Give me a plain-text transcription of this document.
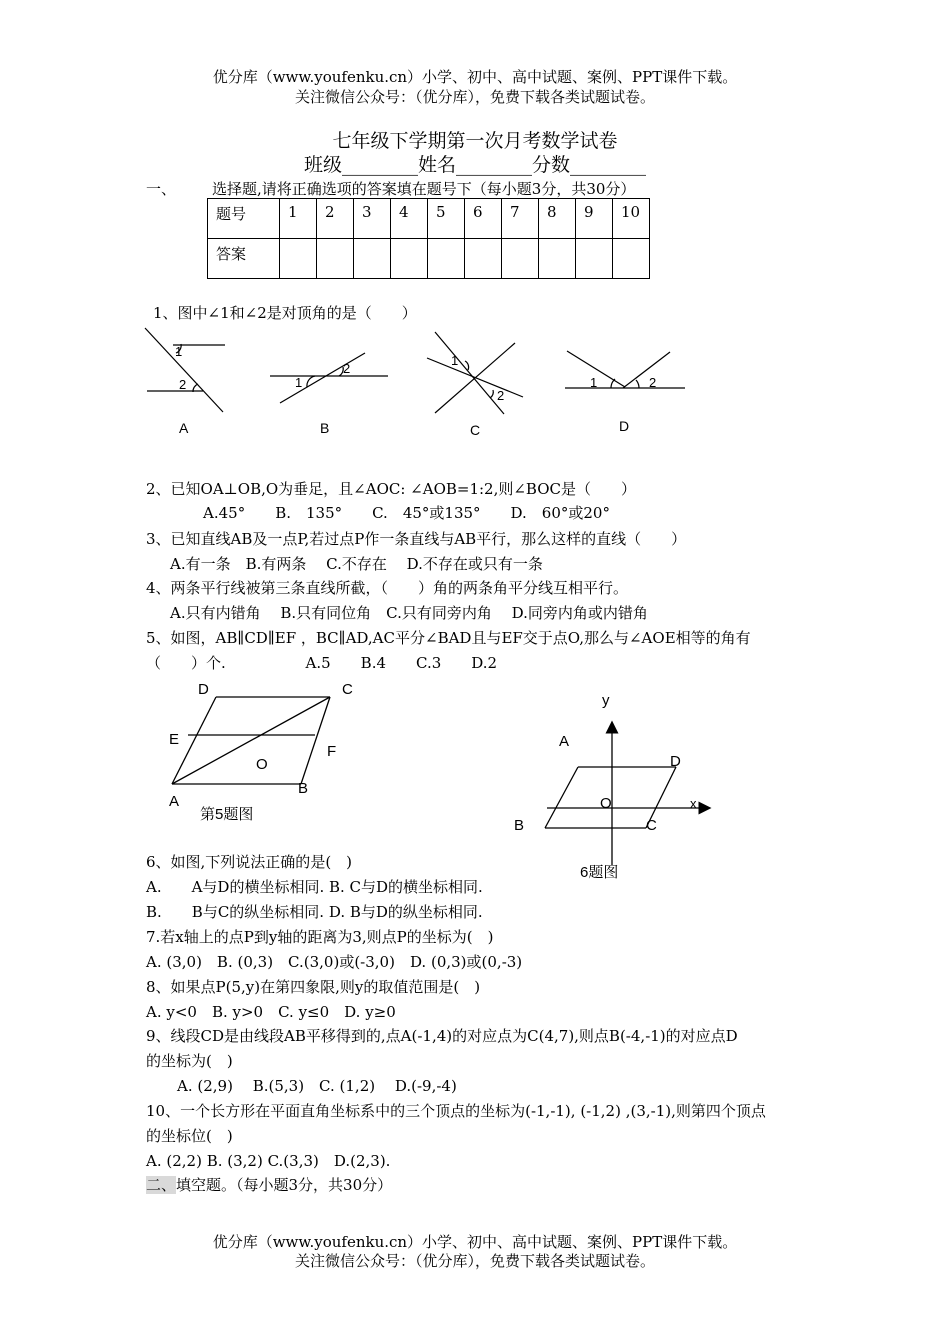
优分库（www.youfenku.cn）小学、初中、高中试题、案例、PPT课件下载。
关注微信公众号：（优分库），免费下载各类试题试卷。
七年级下学期第一次月考数学试卷
班级________姓名________分数________
一、 选择题,请将正确选项的答案填在题号下（每小题3分，共30分）
题号	1	2	3	4	5	6	7	8	9	10
答案										
1、图中∠1和∠2是对顶角的是（　　）
1
2
A
1
2
B
1
2
C
1	2
D
2、已知OA⊥OB,O为垂足，且∠AOC: ∠AOB=1:2,则∠BOC是（　　）
A.45°　　B.　135°　　C.　45°或135°　　D.　60°或20°
3、已知直线AB及一点P,若过点P作一条直线与AB平行，那么这样的直线（　　）
A.有一条　B.有两条　 C.不存在　 D.不存在或只有一条
4、两条平行线被第三条直线所截，（　　）角的两条角平分线互相平行。
A.只有内错角　 B.只有同位角　C.只有同旁内角　 D.同旁内角或内错角
5、如图，AB∥CD∥EF ，BC∥AD,AC平分∠BAD且与EF交于点O,那么与∠AOE相等的角有
（　　）个.　　　　　 A.5　　B.4　　C.3　　D.2
D	C
E
F
O
B
A
第5题图
y
x
A
D
O
B	C
6题图
6、如图,下列说法正确的是(　)
A.　　A与D的横坐标相同. B. C与D的横坐标相同.
B.　　B与C的纵坐标相同. D. B与D的纵坐标相同.
7.若x轴上的点P到y轴的距离为3,则点P的坐标为(　)
A. (3,0)　B. (0,3)　C.(3,0)或(-3,0)　D. (0,3)或(0,-3)
8、如果点P(5,y)在第四象限,则y的取值范围是(　)
A. y<0　B. y>0　C. y≤0　D. y≥0
9、线段CD是由线段AB平移得到的,点A(-1,4)的对应点为C(4,7),则点B(-4,-1)的对应点D
的坐标为(　)
A. (2,9)　 B.(5,3)　C. (1,2)　 D.(-9,-4)
10、一个长方形在平面直角坐标系中的三个顶点的坐标为(-1,-1), (-1,2) ,(3,-1),则第四个顶点
的坐标位(　)
A. (2,2) B. (3,2) C.(3,3)　D.(2,3).
二、填空题。（每小题3分，共30分）
优分库（www.youfenku.cn）小学、初中、高中试题、案例、PPT课件下载。
关注微信公众号：（优分库），免费下载各类试题试卷。
